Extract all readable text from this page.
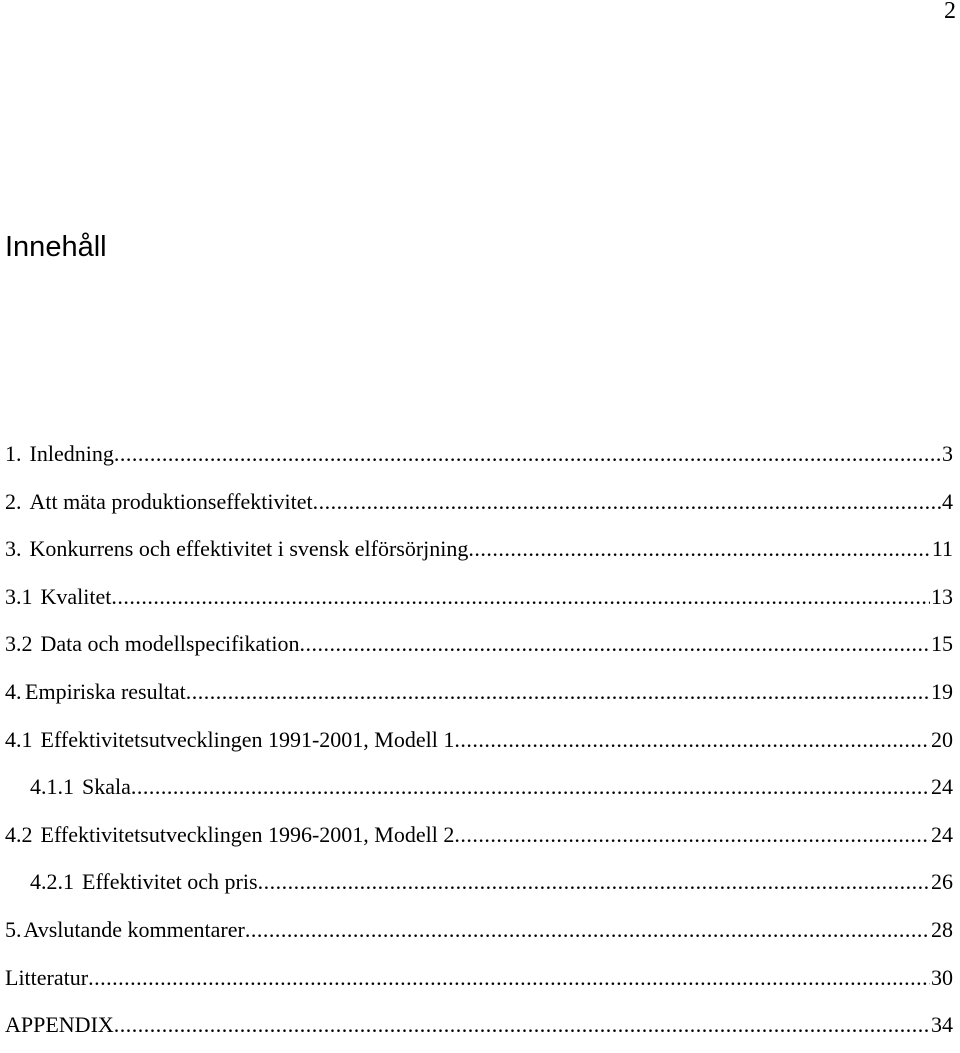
2
Innehåll
1. Inledning .....	3
2. Att mäta produktionseffektivitet .....	4
3. Konkurrens och effektivitet i svensk elförsörjning .....	11
3.1 Kvalitet .....	13
3.2 Data och modellspecifikation .....	15
4. Empiriska resultat .....	19
4.1 Effektivitetsutvecklingen 1991-2001, Modell 1 .....	20
4.1.1 Skala .....	24
4.2 Effektivitetsutvecklingen 1996-2001, Modell 2 .....	24
4.2.1 Effektivitet och pris .....	26
5. Avslutande kommentarer .....	28
Litteratur .....	30
APPENDIX .....	34
